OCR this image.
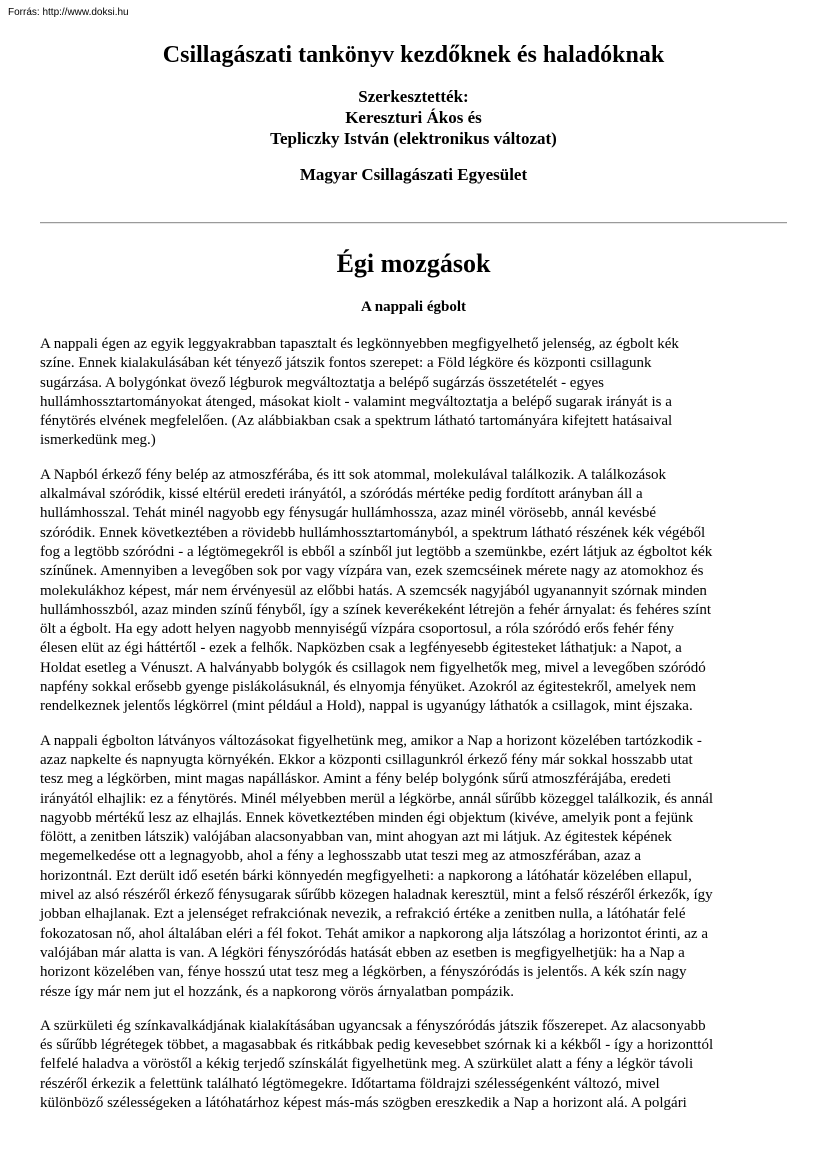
Forrás: http://www.doksi.hu
Csillagászati tankönyv kezdőknek és haladóknak
Szerkesztették:
Kereszturi Ákos és
Tepliczky István (elektronikus változat)
Magyar Csillagászati Egyesület
Égi mozgások
A nappali égbolt

A nappali égen az egyik leggyakrabban tapasztalt és legkönnyebben megfigyelhető jelenség, az égbolt kék
színe. Ennek kialakulásában két tényező játszik fontos szerepet: a Föld légköre és központi csillagunk
sugárzása. A bolygónkat övező légburok megváltoztatja a belépő sugárzás összetételét - egyes
hullámhossztartományokat átenged, másokat kiolt - valamint megváltoztatja a belépő sugarak irányát is a
fénytörés elvének megfelelően. (Az alábbiakban csak a spektrum látható tartományára kifejtett hatásaival
ismerkedünk meg.)

A Napból érkező fény belép az atmoszférába, és itt sok atommal, molekulával találkozik. A találkozások
alkalmával szóródik, kissé eltérül eredeti irányától, a szóródás mértéke pedig fordított arányban áll a
hullámhosszal. Tehát minél nagyobb egy fénysugár hullámhossza, azaz minél vörösebb, annál kevésbé
szóródik. Ennek következtében a rövidebb hullámhossztartományból, a spektrum látható részének kék végéből
fog a legtöbb szóródni - a légtömegekről is ebből a színből jut legtöbb a szemünkbe, ezért látjuk az égboltot kék
színűnek. Amennyiben a levegőben sok por vagy vízpára van, ezek szemcséinek mérete nagy az atomokhoz és
molekulákhoz képest, már nem érvényesül az előbbi hatás. A szemcsék nagyjából ugyanannyit szórnak minden
hullámhosszból, azaz minden színű fényből, így a színek keverékeként létrejön a fehér árnyalat: és fehéres színt
ölt a égbolt. Ha egy adott helyen nagyobb mennyiségű vízpára csoportosul, a róla szóródó erős fehér fény
élesen elüt az égi háttértől - ezek a felhők. Napközben csak a legfényesebb égitesteket láthatjuk: a Napot, a
Holdat esetleg a Vénuszt. A halványabb bolygók és csillagok nem figyelhetők meg, mivel a levegőben szóródó
napfény sokkal erősebb gyenge pislákolásuknál, és elnyomja fényüket. Azokról az égitestekről, amelyek nem
rendelkeznek jelentős légkörrel (mint például a Hold), nappal is ugyanúgy láthatók a csillagok, mint éjszaka.

A nappali égbolton látványos változásokat figyelhetünk meg, amikor a Nap a horizont közelében tartózkodik -
azaz napkelte és napnyugta környékén. Ekkor a központi csillagunkról érkező fény már sokkal hosszabb utat
tesz meg a légkörben, mint magas napálláskor. Amint a fény belép bolygónk sűrű atmoszférájába, eredeti
irányától elhajlik: ez a fénytörés. Minél mélyebben merül a légkörbe, annál sűrűbb közeggel találkozik, és annál
nagyobb mértékű lesz az elhajlás. Ennek következtében minden égi objektum (kivéve, amelyik pont a fejünk
fölött, a zenitben látszik) valójában alacsonyabban van, mint ahogyan azt mi látjuk. Az égitestek képének
megemelkedése ott a legnagyobb, ahol a fény a leghosszabb utat teszi meg az atmoszférában, azaz a
horizontnál. Ezt derült idő esetén bárki könnyedén megfigyelheti: a napkorong a látóhatár közelében ellapul,
mivel az alsó részéről érkező fénysugarak sűrűbb közegen haladnak keresztül, mint a felső részéről érkezők, így
jobban elhajlanak. Ezt a jelenséget refrakciónak nevezik, a refrakció értéke a zenitben nulla, a látóhatár felé
fokozatosan nő, ahol általában eléri a fél fokot. Tehát amikor a napkorong alja látszólag a horizontot érinti, az a
valójában már alatta is van. A légköri fényszóródás hatását ebben az esetben is megfigyelhetjük: ha a Nap a
horizont közelében van, fénye hosszú utat tesz meg a légkörben, a fényszóródás is jelentős. A kék szín nagy
része így már nem jut el hozzánk, és a napkorong vörös árnyalatban pompázik.

A szürkületi ég színkavalkádjának kialakításában ugyancsak a fényszóródás játszik főszerepet. Az alacsonyabb
és sűrűbb légrétegek többet, a magasabbak és ritkábbak pedig kevesebbet szórnak ki a kékből - így a horizonttól
felfelé haladva a vöröstől a kékig terjedő színskálát figyelhetünk meg. A szürkület alatt a fény a légkör távoli
részéről érkezik a felettünk található légtömegekre. Időtartama földrajzi szélességenként változó, mivel
különböző szélességeken a látóhatárhoz képest más-más szögben ereszkedik a Nap a horizont alá. A polgári
